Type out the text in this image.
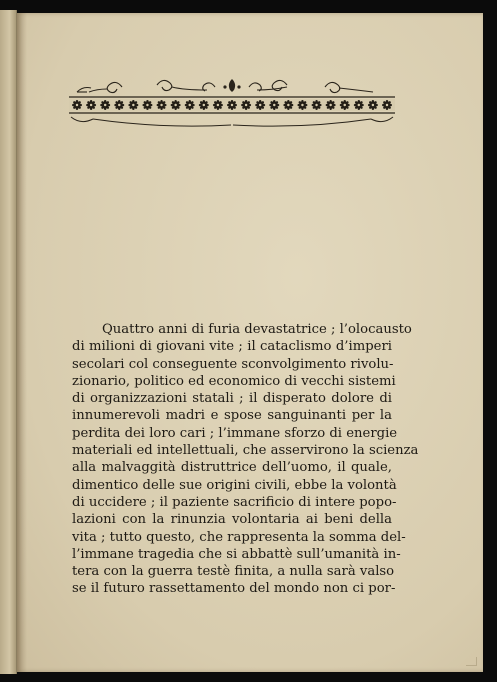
Quattro anni di furia devastatrice ; l’olocausto
di milioni di giovani vite ; il cataclismo d’imperi
secolari col conseguente sconvolgimento rivolu-
zionario, politico ed economico di vecchi sistemi
di organizzazioni statali ; il disperato dolore di
innumerevoli madri e spose sanguinanti per la
perdita dei loro cari ; l’immane sforzo di energie
materiali ed intellettuali, che asservirono la scienza
alla malvaggità distruttrice dell’uomo, il quale,
dimentico delle sue origini civili, ebbe la volontà
di uccidere ; il paziente sacrificio di intere popo-
lazioni con la rinunzia volontaria ai beni della
vita ; tutto questo, che rappresenta la somma del-
l’immane tragedia che si abbattè sull’umanità in-
tera con la guerra testè finita, a nulla sarà valso
se il futuro rassettamento del mondo non ci por-
